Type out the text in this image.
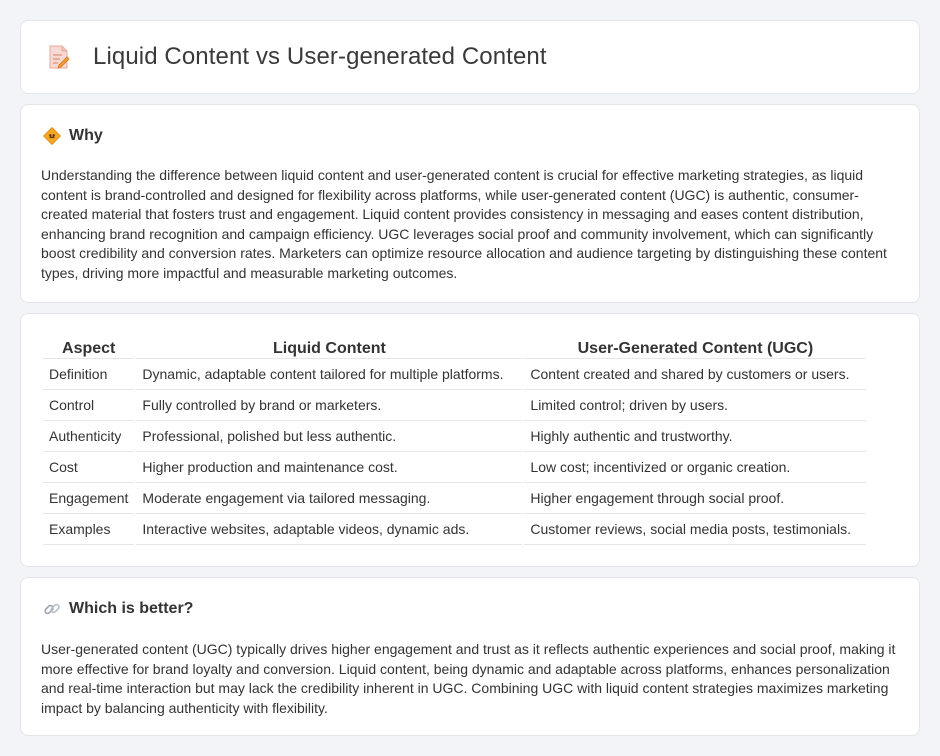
Liquid Content vs User-generated Content
Why

Understanding the difference between liquid content and user-generated content is crucial for effective marketing strategies, as liquid content is brand-controlled and designed for flexibility across platforms, while user-generated content (UGC) is authentic, consumer-created material that fosters trust and engagement. Liquid content provides consistency in messaging and eases content distribution, enhancing brand recognition and campaign efficiency. UGC leverages social proof and community involvement, which can significantly boost credibility and conversion rates. Marketers can optimize resource allocation and audience targeting by distinguishing these content types, driving more impactful and measurable marketing outcomes.

Aspect	Liquid Content	User-Generated Content (UGC)
Definition	Dynamic, adaptable content tailored for multiple platforms.	Content created and shared by customers or users.
Control	Fully controlled by brand or marketers.	Limited control; driven by users.
Authenticity	Professional, polished but less authentic.	Highly authentic and trustworthy.
Cost	Higher production and maintenance cost.	Low cost; incentivized or organic creation.
Engagement	Moderate engagement via tailored messaging.	Higher engagement through social proof.
Examples	Interactive websites, adaptable videos, dynamic ads.	Customer reviews, social media posts, testimonials.
Which is better?

User-generated content (UGC) typically drives higher engagement and trust as it reflects authentic experiences and social proof, making it more effective for brand loyalty and conversion. Liquid content, being dynamic and adaptable across platforms, enhances personalization and real-time interaction but may lack the credibility inherent in UGC. Combining UGC with liquid content strategies maximizes marketing impact by balancing authenticity with flexibility.
